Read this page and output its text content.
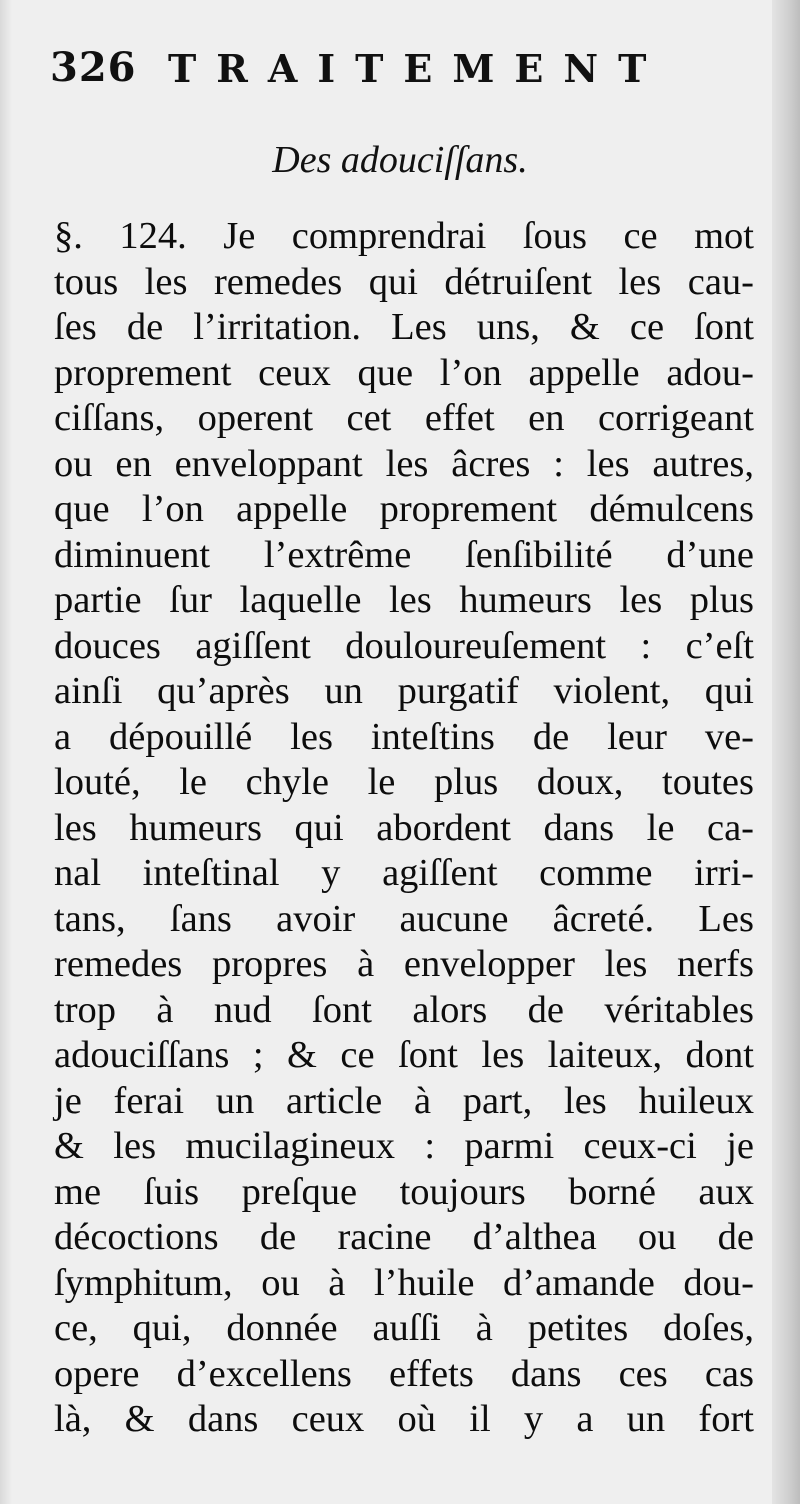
326 TRAITEMENT
Des adouciſſans.
§. 124. Je comprendrai ſous ce mot
tous les remedes qui détruiſent les cau-
ſes de l’irritation. Les uns, & ce ſont
proprement ceux que l’on appelle adou-
ciſſans, operent cet effet en corrigeant
ou en enveloppant les âcres : les autres,
que l’on appelle proprement démulcens
diminuent l’extrême ſenſibilité d’une
partie ſur laquelle les humeurs les plus
douces agiſſent douloureuſement : c’eſt
ainſi qu’après un purgatif violent, qui
a dépouillé les inteſtins de leur ve-
louté, le chyle le plus doux, toutes
les humeurs qui abordent dans le ca-
nal inteſtinal y agiſſent comme irri-
tans, ſans avoir aucune âcreté. Les
remedes propres à envelopper les nerfs
trop à nud ſont alors de véritables
adouciſſans ; & ce ſont les laiteux, dont
je ferai un article à part, les huileux
& les mucilagineux : parmi ceux-ci je
me ſuis preſque toujours borné aux
décoctions de racine d’althea ou de
ſymphitum, ou à l’huile d’amande dou-
ce, qui, donnée auſſi à petites doſes,
opere d’excellens effets dans ces cas
là, & dans ceux où il y a un fort
